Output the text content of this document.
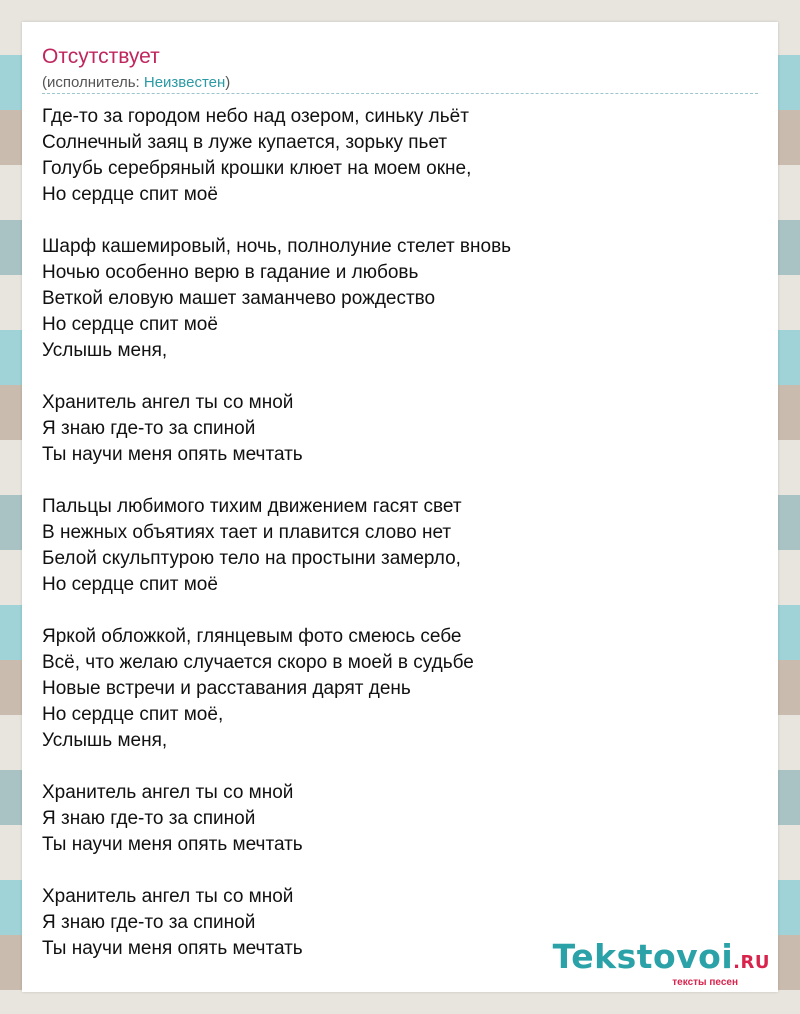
Отсутствует
(исполнитель: Неизвестен)
Где-то за городом небо над озером, синьку льёт
Солнечный заяц в луже купается, зорьку пьет
Голубь серебряный крошки клюет на моем окне,
Но сердце спит моё
Шарф кашемировый, ночь, полнолуние стелет вновь
Ночью особенно верю в гадание и любовь
Веткой еловую машет заманчево рождество
Но сердце спит моё
Услышь меня,
Хранитель ангел ты со мной
Я знаю где-то за спиной
Ты научи меня опять мечтать
Пальцы любимого тихим движением гасят свет
В нежных объятиях тает и плавится слово нет
Белой скульптурою тело на простыни замерло,
Но сердце спит моё
Яркой обложкой, глянцевым фото смеюсь себе
Всё, что желаю случается скоро в моей в судьбе
Новые встречи и расставания дарят день
Но сердце спит моё,
Услышь меня,
Хранитель ангел ты со мной
Я знаю где-то за спиной
Ты научи меня опять мечтать
Хранитель ангел ты со мной
Я знаю где-то за спиной
Ты научи меня опять мечтать	Tekstovoi.RU
тексты песен
